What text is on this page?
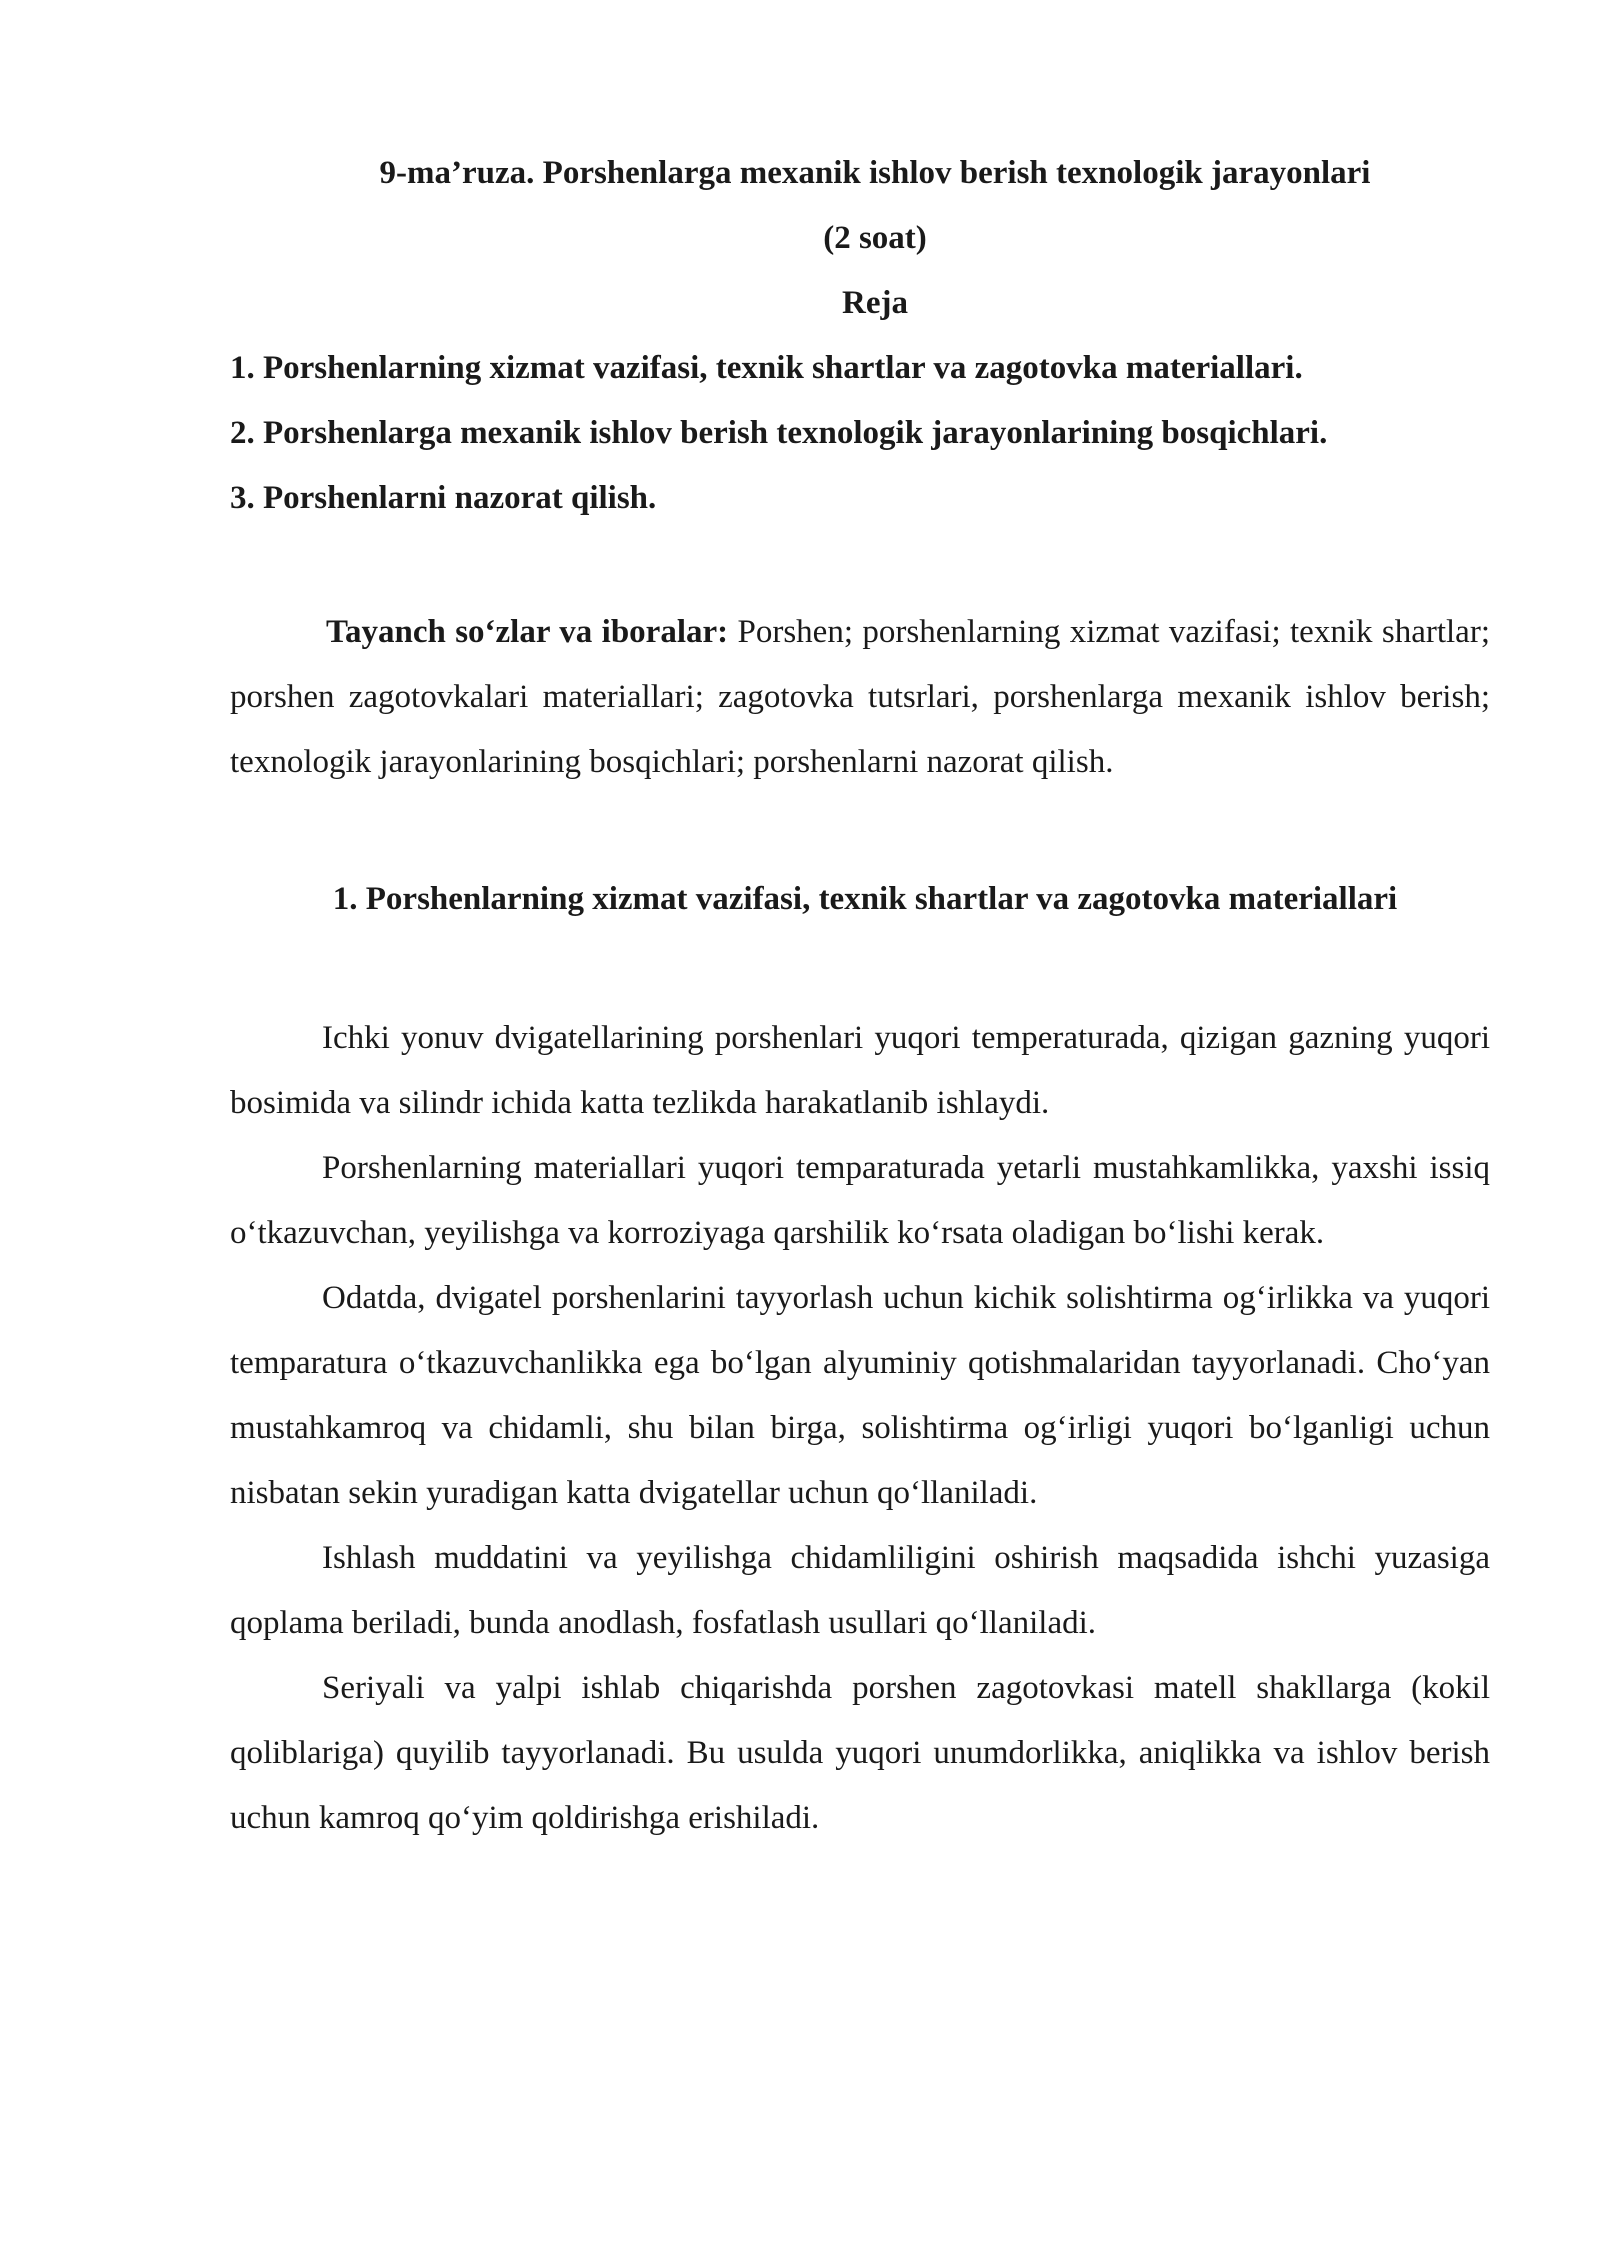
9-ma’ruza. Porshenlarga mexanik ishlov berish texnologik jarayonlari
(2 soat)
Reja
1. Porshenlarning xizmat vazifasi, texnik shartlar va zagotovka materiallari.
2. Porshenlarga mexanik ishlov berish texnologik jarayonlarining bosqichlari.
3. Porshenlarni nazorat qilish.

Tayanch so‘zlar va iboralar: Porshen; porshenlarning xizmat vazifasi; texnik shartlar; porshen zagotovkalari materiallari; zagotovka tutsrlari, porshenlarga mexanik ishlov berish; texnologik jarayonlarining bosqichlari; porshenlarni nazorat qilish.

1. Porshenlarning xizmat vazifasi, texnik shartlar va zagotovka materiallari

Ichki yonuv dvigatellarining porshenlari yuqori temperaturada, qizigan gazning yuqori bosimida va silindr ichida katta tezlikda harakatlanib ishlaydi.

Porshenlarning materiallari yuqori temparaturada yetarli mustahkamlikka, yaxshi issiq o‘tkazuvchan, yeyilishga va korroziyaga qarshilik ko‘rsata oladigan bo‘lishi kerak.

Odatda, dvigatel porshenlarini tayyorlash uchun kichik solishtirma og‘irlikka va yuqori temparatura o‘tkazuvchanlikka ega bo‘lgan alyuminiy qotishmalaridan tayyorlanadi. Cho‘yan mustahkamroq va chidamli, shu bilan birga, solishtirma og‘irligi yuqori bo‘lganligi uchun nisbatan sekin yuradigan katta dvigatellar uchun qo‘llaniladi.

Ishlash muddatini va yeyilishga chidamliligini oshirish maqsadida ishchi yuzasiga qoplama beriladi, bunda anodlash, fosfatlash usullari qo‘llaniladi.

Seriyali va yalpi ishlab chiqarishda porshen zagotovkasi matell shakllarga (kokil qoliblariga) quyilib tayyorlanadi. Bu usulda yuqori unumdorlikka, aniqlikka va ishlov berish uchun kamroq qo‘yim qoldirishga erishiladi.
